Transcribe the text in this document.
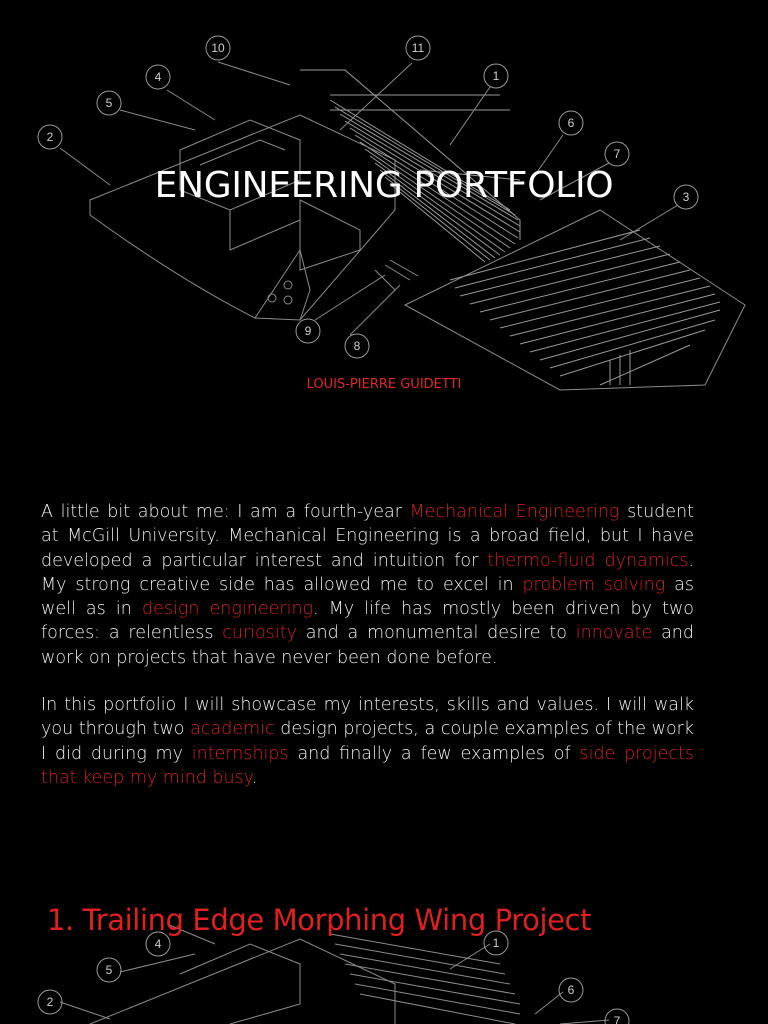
10	11
1
4
5
2
6
7
3
9
8
ENGINEERING PORTFOLIO

LOUIS-PIERRE GUIDETTI

A little bit about me: I am a fourth-year Mechanical Engineering student at McGill University. Mechanical Engineering is a broad field, but I have developed a particular interest and intuition for thermo-fluid dynamics. My strong creative side has allowed me to excel in problem solving as well as in design engineering. My life has mostly been driven by two forces: a relentless curiosity and a monumental desire to innovate and work on projects that have never been done before.

In this portfolio I will showcase my interests, skills and values. I will walk you through two academic design projects, a couple examples of the work I did during my internships and finally a few examples of side projects that keep my mind busy.

4	1
5
2
6
7
1. Trailing Edge Morphing Wing Project
